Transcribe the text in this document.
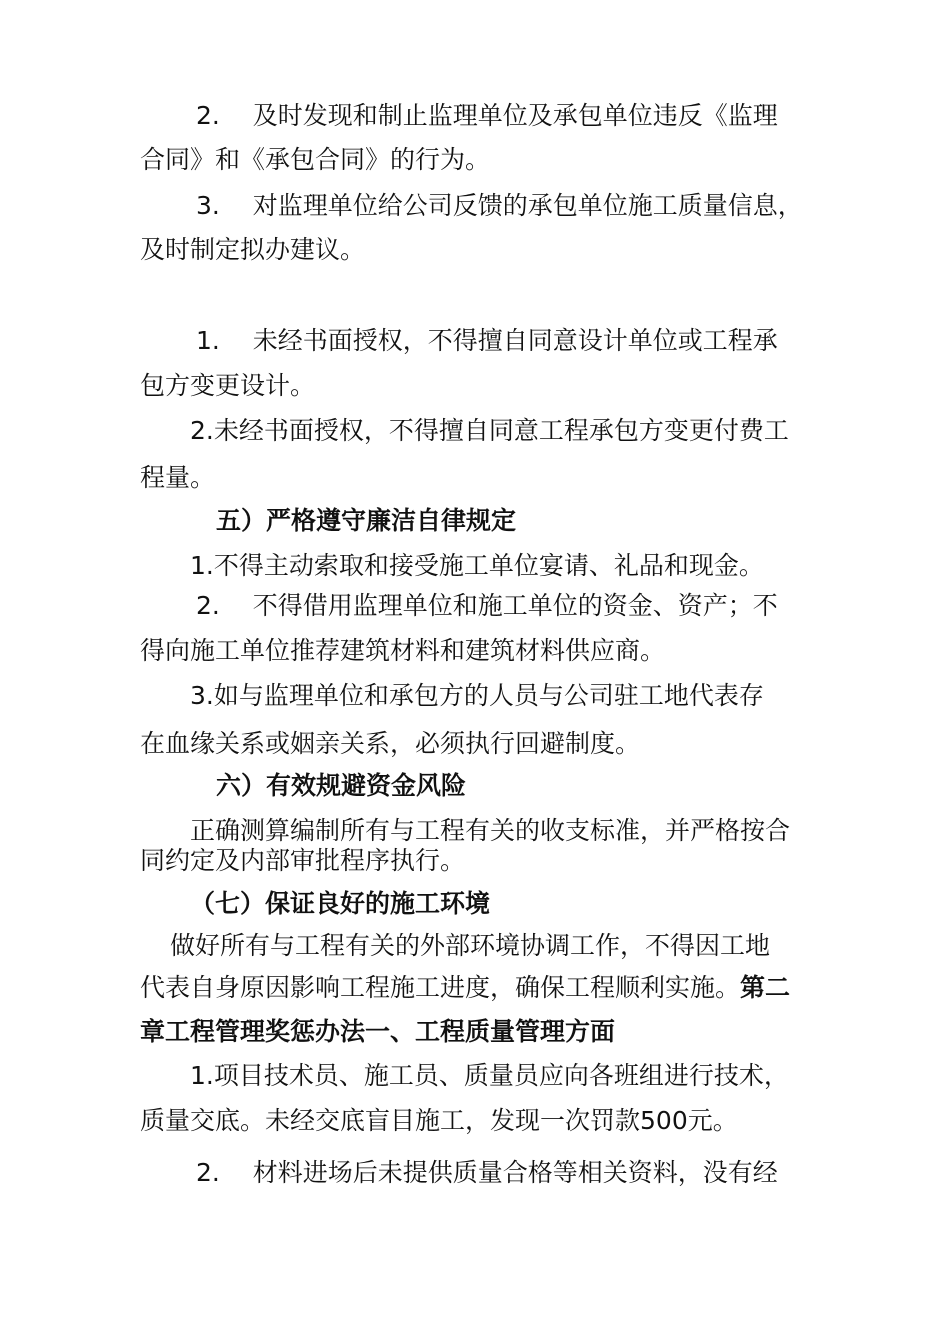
2.　 及时发现和制止监理单位及承包单位违反《监理
合同》和《承包合同》的行为。
3.　 对监理单位给公司反馈的承包单位施工质量信息，
及时制定拟办建议。
1.　 未经书面授权，不得擅自同意设计单位或工程承
包方变更设计。
2.未经书面授权，不得擅自同意工程承包方变更付费工
程量。
五）严格遵守廉洁自律规定
1.不得主动索取和接受施工单位宴请、礼品和现金。
2.　 不得借用监理单位和施工单位的资金、资产；不
得向施工单位推荐建筑材料和建筑材料供应商。
3.如与监理单位和承包方的人员与公司驻工地代表存
在血缘关系或姻亲关系，必须执行回避制度。
六）有效规避资金风险
正确测算编制所有与工程有关的收支标准，并严格按合
同约定及内部审批程序执行。
（七）保证良好的施工环境
做好所有与工程有关的外部环境协调工作，不得因工地
代表自身原因影响工程施工进度，确保工程顺利实施。第二
章工程管理奖惩办法一、工程质量管理方面
1.项目技术员、施工员、质量员应向各班组进行技术，
质量交底。未经交底盲目施工，发现一次罚款500元。
2.　 材料进场后未提供质量合格等相关资料，没有经
